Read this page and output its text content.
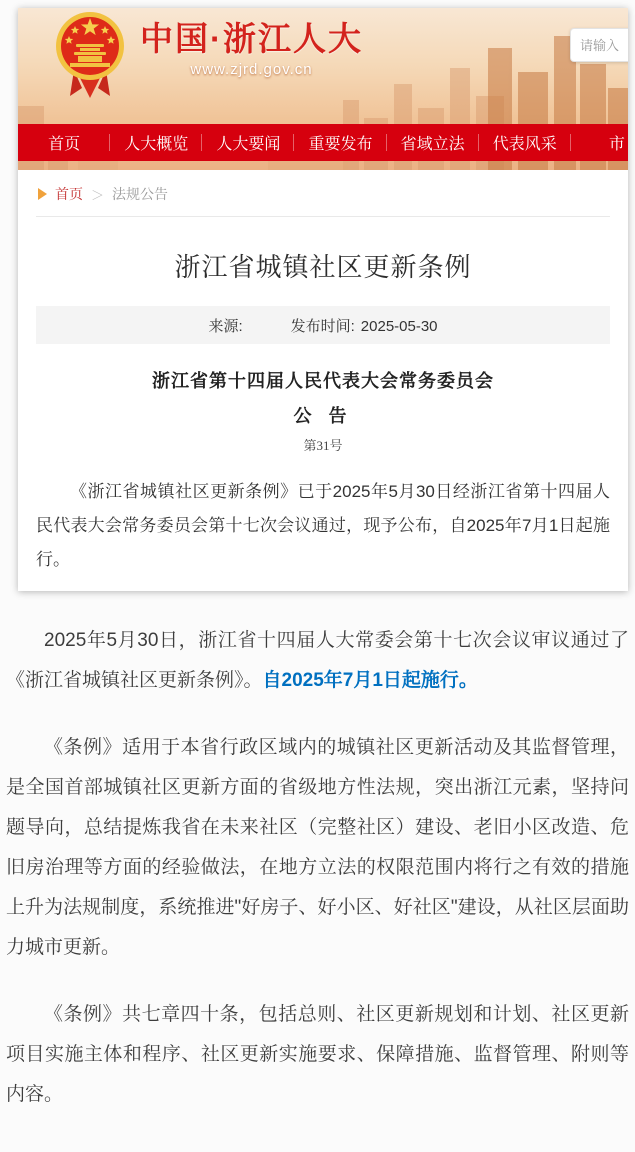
中国·浙江人大
www.zjrd.gov.cn
请输入
首页	人大概览	人大要闻	重要发布	省域立法	代表风采	市
首页 ＞ 法规公告
浙江省城镇社区更新条例
来源:	发布时间: 2025-05-30
浙江省第十四届人民代表大会常务委员会
公 告
第31号

《浙江省城镇社区更新条例》已于2025年5月30日经浙江省第十四届人民代表大会常务委员会第十七次会议通过，现予公布，自2025年7月1日起施行。

2025年5月30日，浙江省十四届人大常委会第十七次会议审议通过了《浙江省城镇社区更新条例》。自2025年7月1日起施行。

《条例》适用于本省行政区域内的城镇社区更新活动及其监督管理，是全国首部城镇社区更新方面的省级地方性法规，突出浙江元素，坚持问题导向，总结提炼我省在未来社区（完整社区）建设、老旧小区改造、危旧房治理等方面的经验做法，在地方立法的权限范围内将行之有效的措施上升为法规制度，系统推进"好房子、好小区、好社区"建设，从社区层面助力城市更新。

《条例》共七章四十条，包括总则、社区更新规划和计划、社区更新项目实施主体和程序、社区更新实施要求、保障措施、监督管理、附则等内容。
